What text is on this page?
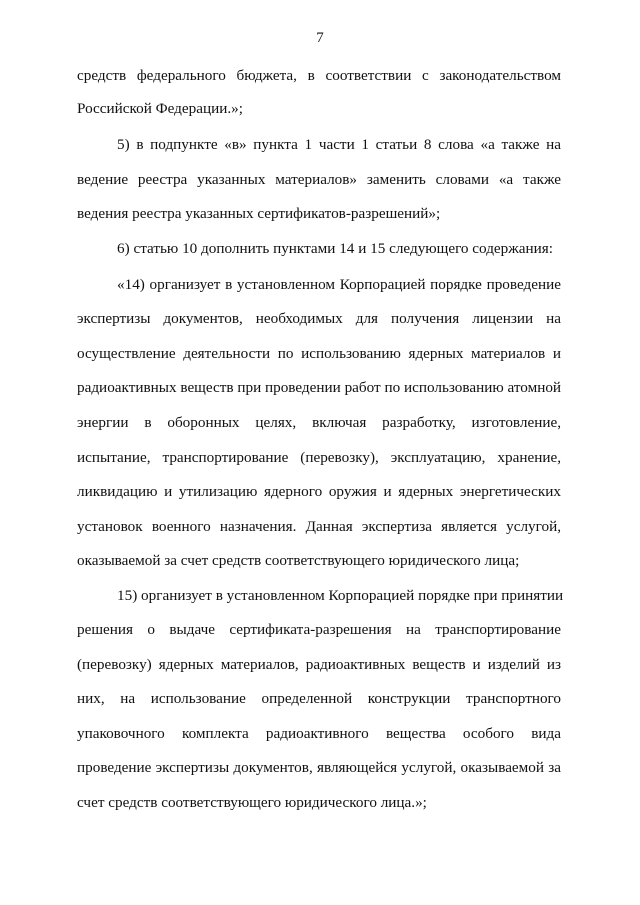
7
средств федерального бюджета, в соответствии с законодательством
Российской Федерации.»;
5) в подпункте «в» пункта 1 части 1 статьи 8 слова «а также на
ведение реестра указанных материалов» заменить словами «а также
ведения реестра указанных сертификатов-разрешений»;
6) статью 10 дополнить пунктами 14 и 15 следующего содержания:
«14) организует в установленном Корпорацией порядке проведение
экспертизы документов, необходимых для получения лицензии на
осуществление деятельности по использованию ядерных материалов и
радиоактивных веществ при проведении работ по использованию атомной
энергии в оборонных целях, включая разработку, изготовление,
испытание, транспортирование (перевозку), эксплуатацию, хранение,
ликвидацию и утилизацию ядерного оружия и ядерных энергетических
установок военного назначения. Данная экспертиза является услугой,
оказываемой за счет средств соответствующего юридического лица;
15) организует в установленном Корпорацией порядке при принятии
решения о выдаче сертификата-разрешения на транспортирование
(перевозку) ядерных материалов, радиоактивных веществ и изделий из
них, на использование определенной конструкции транспортного
упаковочного комплекта радиоактивного вещества особого вида
проведение экспертизы документов, являющейся услугой, оказываемой за
счет средств соответствующего юридического лица.»;
